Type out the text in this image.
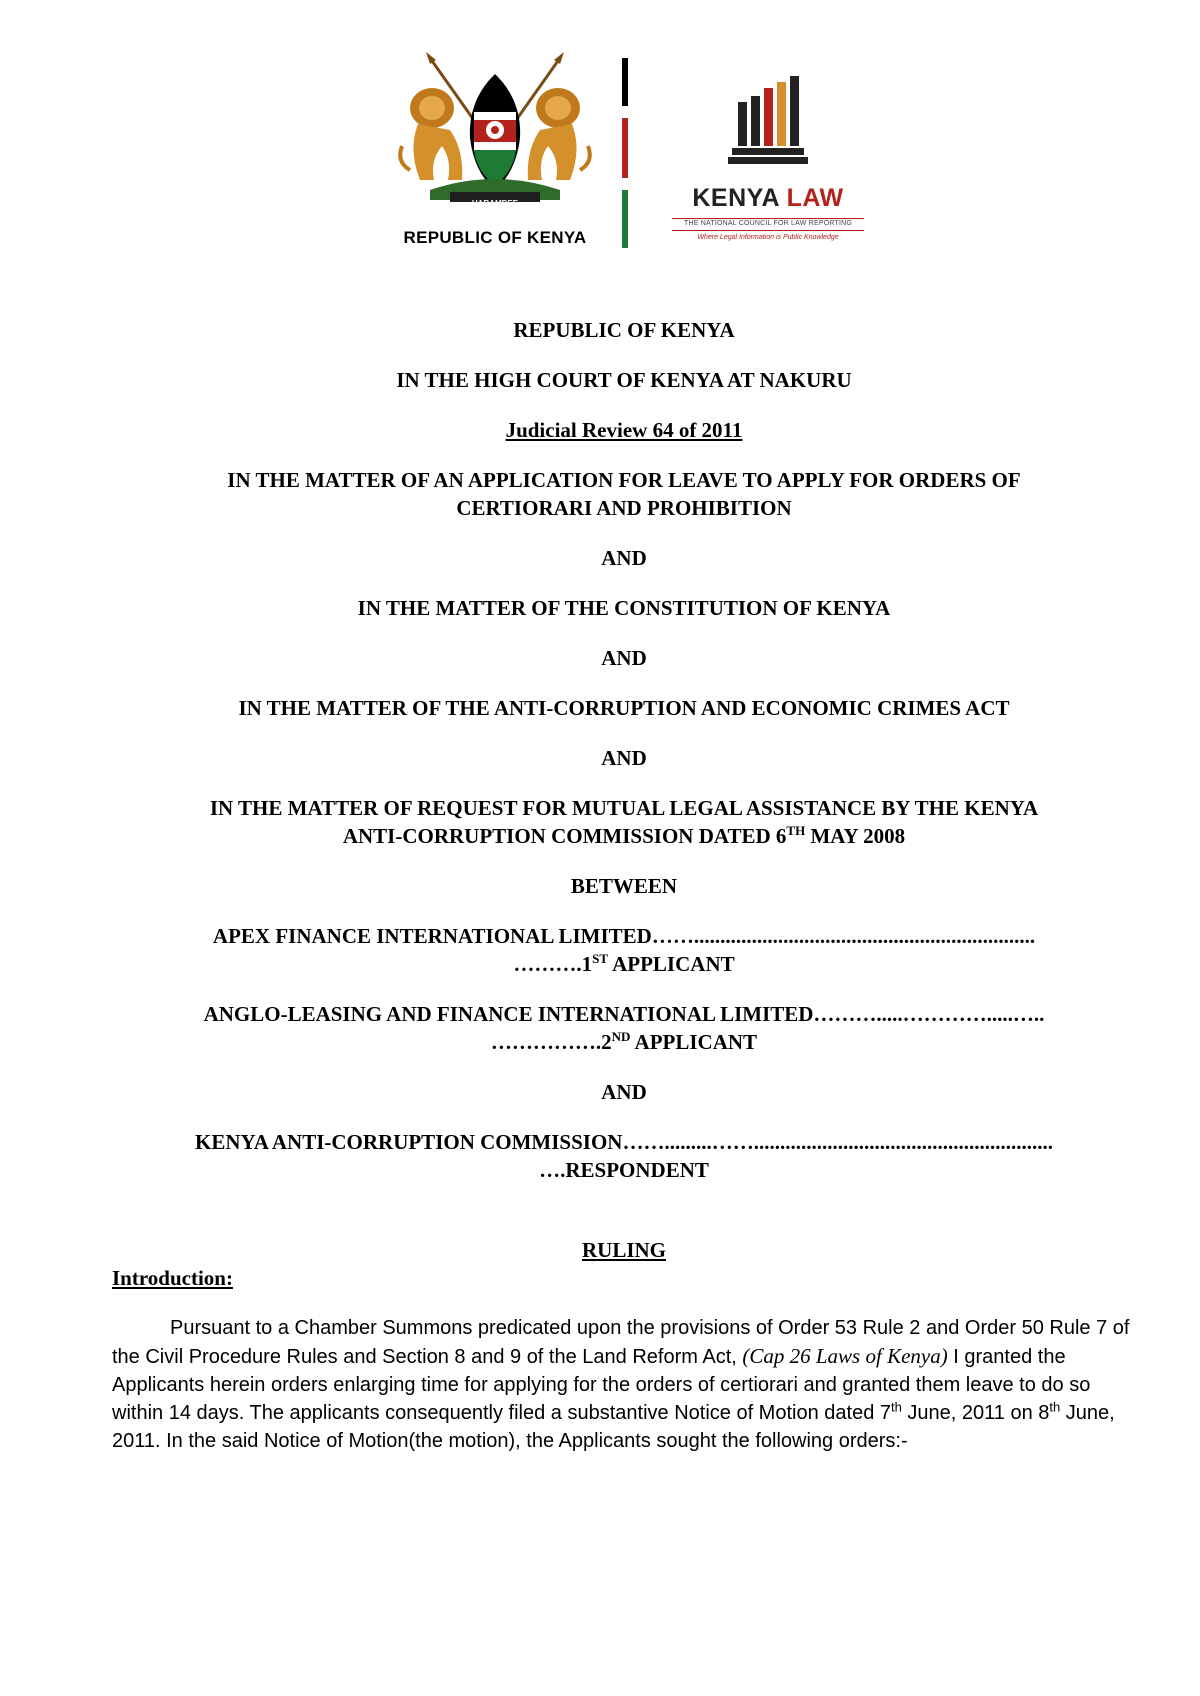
HARAMBEE
REPUBLIC OF KENYA
KENYA LAW
THE NATIONAL COUNCIL FOR LAW REPORTING
Where Legal Information is Public Knowledge

REPUBLIC OF KENYA

IN THE HIGH COURT OF KENYA AT NAKURU

Judicial Review 64 of 2011

IN THE MATTER OF AN APPLICATION FOR LEAVE TO APPLY FOR ORDERS OF

CERTIORARI AND PROHIBITION

AND

IN THE MATTER OF THE CONSTITUTION OF KENYA

AND

IN THE MATTER OF THE ANTI-CORRUPTION AND ECONOMIC CRIMES ACT

AND

IN THE MATTER OF REQUEST FOR MUTUAL LEGAL ASSISTANCE BY THE KENYA

ANTI-CORRUPTION COMMISSION DATED 6TH MAY 2008

BETWEEN

APEX FINANCE INTERNATIONAL LIMITED…….................................................................

……….1ST APPLICANT

ANGLO-LEASING AND FINANCE INTERNATIONAL LIMITED……….....………….....…..

…………….2ND APPLICANT

AND

KENYA ANTI-CORRUPTION COMMISSION…….........…….........................................................

….RESPONDENT

RULING

Introduction:

Pursuant to a Chamber Summons predicated upon the provisions of Order 53 Rule 2 and Order 50 Rule 7 of the Civil Procedure Rules and Section 8 and 9 of the Land Reform Act, (Cap 26 Laws of Kenya) I granted the Applicants herein orders enlarging time for applying for the orders of certiorari and granted them leave to do so within 14 days. The applicants consequently filed a substantive Notice of Motion dated 7th June, 2011 on 8th June, 2011. In the said Notice of Motion(the motion), the Applicants sought the following orders:-
